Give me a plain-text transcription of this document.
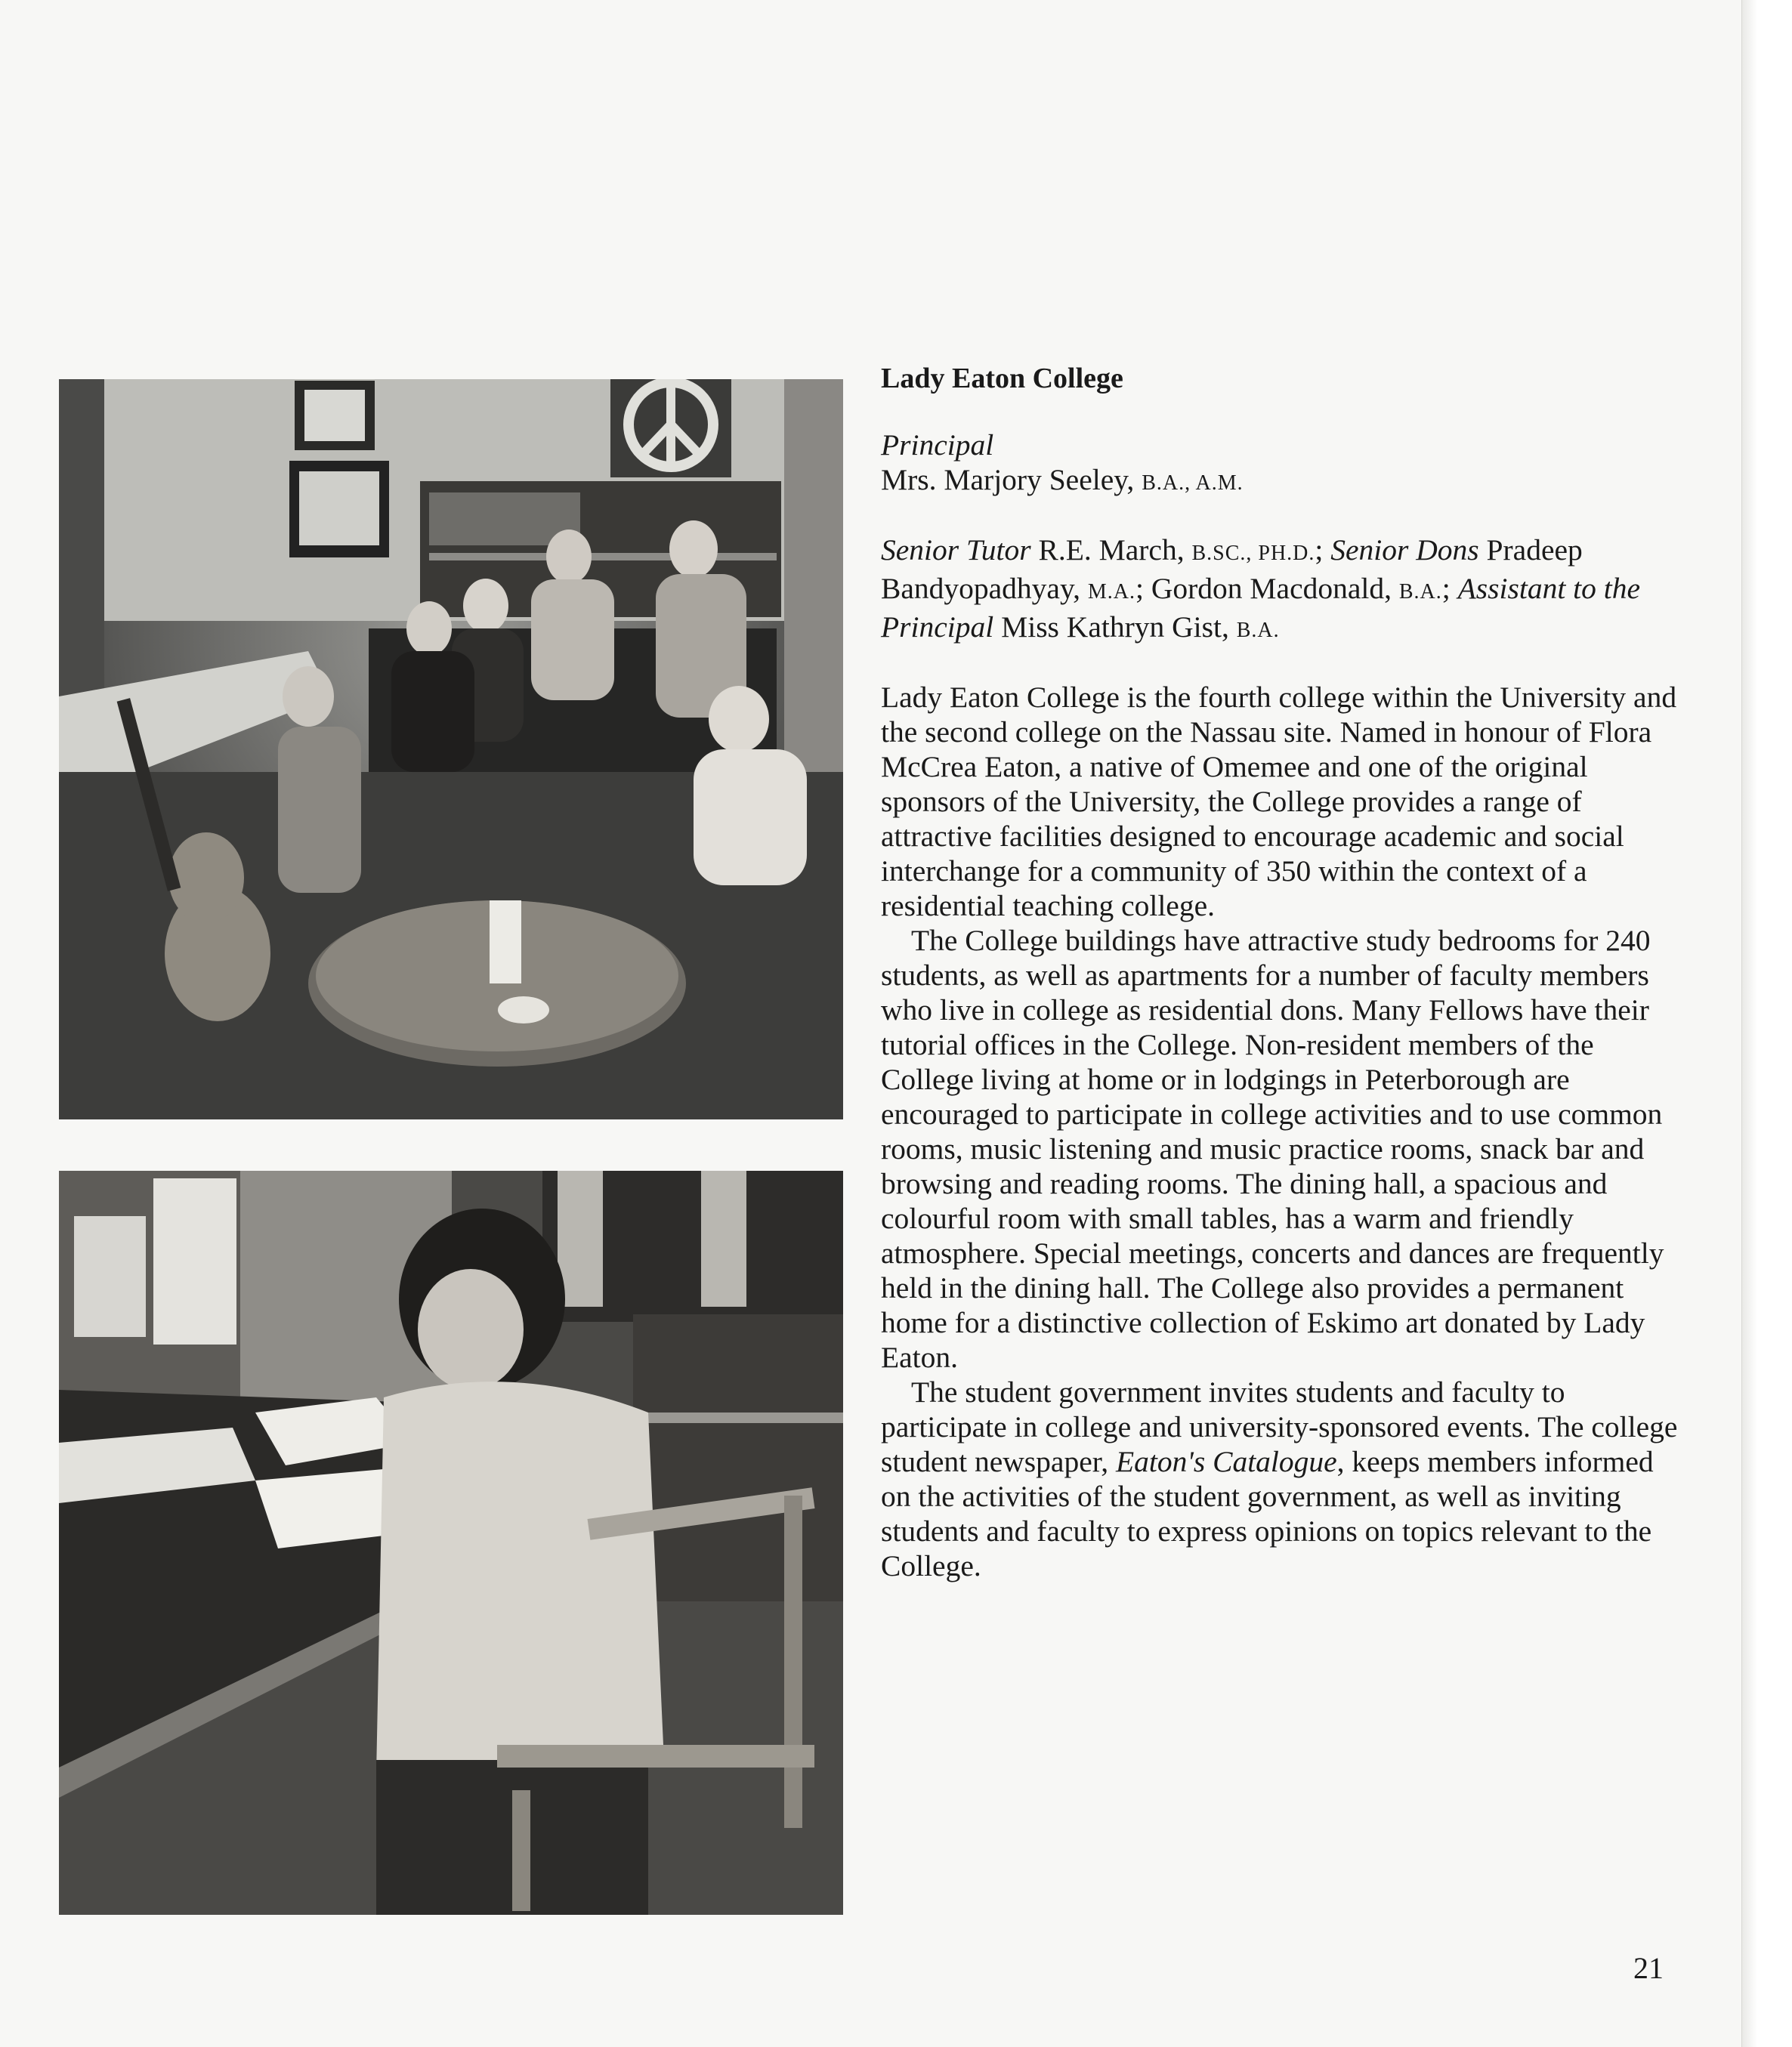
Lady Eaton College
Principal
Mrs. Marjory Seeley, B.A., A.M.
Senior Tutor R.E. March, B.SC., PH.D.; Senior Dons Pradeep Bandyopadhyay, M.A.; Gordon Macdonald, B.A.; Assistant to the Principal Miss Kathryn Gist, B.A.

Lady Eaton College is the fourth college within the University and the second college on the Nassau site. Named in honour of Flora McCrea Eaton, a native of Omemee and one of the original sponsors of the University, the College provides a range of attractive facilities designed to encourage academic and social interchange for a community of 350 within the context of a residential teaching college.

The College buildings have attractive study bedrooms for 240 students, as well as apartments for a number of faculty members who live in college as residential dons. Many Fellows have their tutorial offices in the College. Non-resident members of the College living at home or in lodgings in Peterborough are encouraged to participate in college activities and to use common rooms, music listening and music practice rooms, snack bar and browsing and reading rooms. The dining hall, a spacious and colourful room with small tables, has a warm and friendly atmosphere. Special meetings, concerts and dances are frequently held in the dining hall. The College also provides a permanent home for a distinctive collection of Eskimo art donated by Lady Eaton.

The student government invites students and faculty to participate in college and university-sponsored events. The college student newspaper, Eaton's Catalogue, keeps members informed on the activities of the student government, as well as inviting students and faculty to express opinions on topics relevant to the College.

21
